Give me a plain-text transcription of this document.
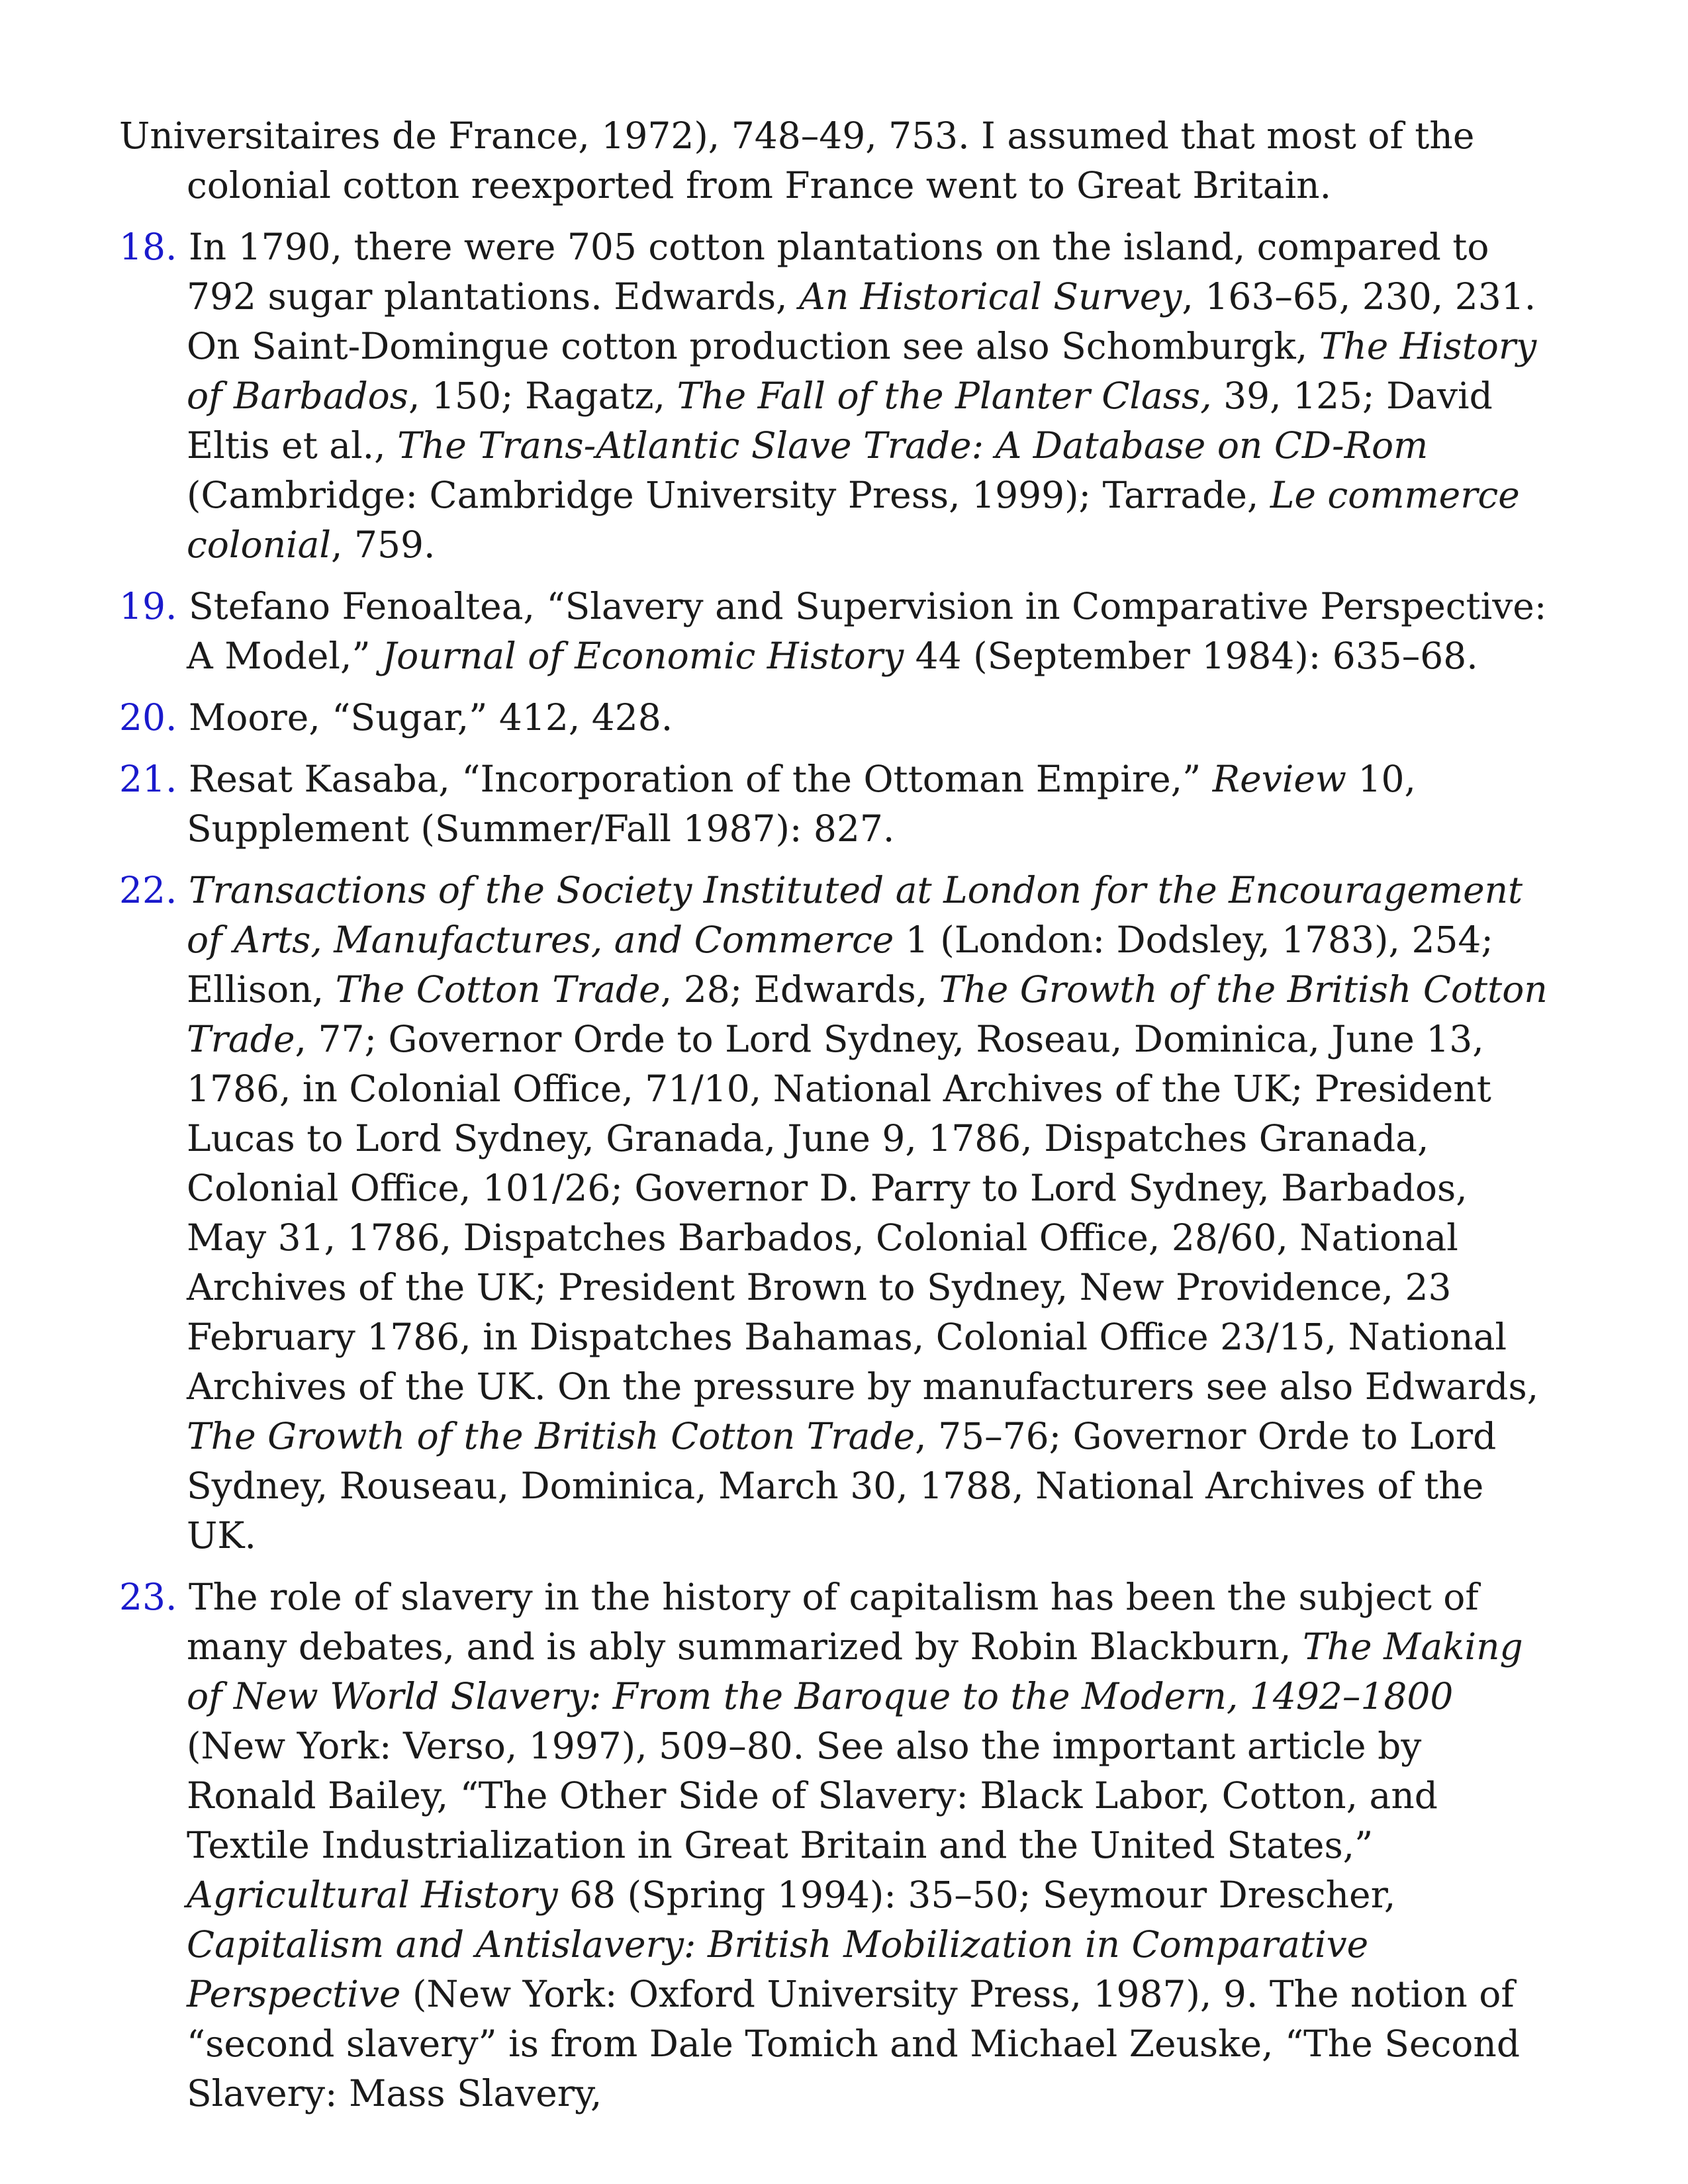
Universitaires de France, 1972), 748–49, 753. I assumed that most of the colonial cotton reexported from France went to Great Britain.

18. In 1790, there were 705 cotton plantations on the island, compared to 792 sugar plantations. Edwards, An Historical Survey, 163–65, 230, 231. On Saint-Domingue cotton production see also Schomburgk, The History of Barbados, 150; Ragatz, The Fall of the Planter Class, 39, 125; David Eltis et al., The Trans-Atlantic Slave Trade: A Database on CD-Rom (Cambridge: Cambridge University Press, 1999); Tarrade, Le commerce colonial, 759.

19. Stefano Fenoaltea, “Slavery and Supervision in Comparative Perspective: A Model,” Journal of Economic History 44 (September 1984): 635–68.

20. Moore, “Sugar,” 412, 428.

21. Resat Kasaba, “Incorporation of the Ottoman Empire,” Review 10, Supplement (Summer/Fall 1987): 827.

22. Transactions of the Society Instituted at London for the Encouragement of Arts, Manufactures, and Commerce 1 (London: Dodsley, 1783), 254; Ellison, The Cotton Trade, 28; Edwards, The Growth of the British Cotton Trade, 77; Governor Orde to Lord Sydney, Roseau, Dominica, June 13, 1786, in Colonial Office, 71/10, National Archives of the UK; President Lucas to Lord Sydney, Granada, June 9, 1786, Dispatches Granada, Colonial Office, 101/26; Governor D. Parry to Lord Sydney, Barbados, May 31, 1786, Dispatches Barbados, Colonial Office, 28/60, National Archives of the UK; President Brown to Sydney, New Providence, 23 February 1786, in Dispatches Bahamas, Colonial Office 23/15, National Archives of the UK. On the pressure by manufacturers see also Edwards, The Growth of the British Cotton Trade, 75–76; Governor Orde to Lord Sydney, Rouseau, Dominica, March 30, 1788, National Archives of the UK.

23. The role of slavery in the history of capitalism has been the subject of many debates, and is ably summarized by Robin Blackburn, The Making of New World Slavery: From the Baroque to the Modern, 1492–1800 (New York: Verso, 1997), 509–80. See also the important article by Ronald Bailey, “The Other Side of Slavery: Black Labor, Cotton, and Textile Industrialization in Great Britain and the United States,” Agricultural History 68 (Spring 1994): 35–50; Seymour Drescher, Capitalism and Antislavery: British Mobilization in Comparative Perspective (New York: Oxford University Press, 1987), 9. The notion of “second slavery” is from Dale Tomich and Michael Zeuske, “The Second Slavery: Mass Slavery,
